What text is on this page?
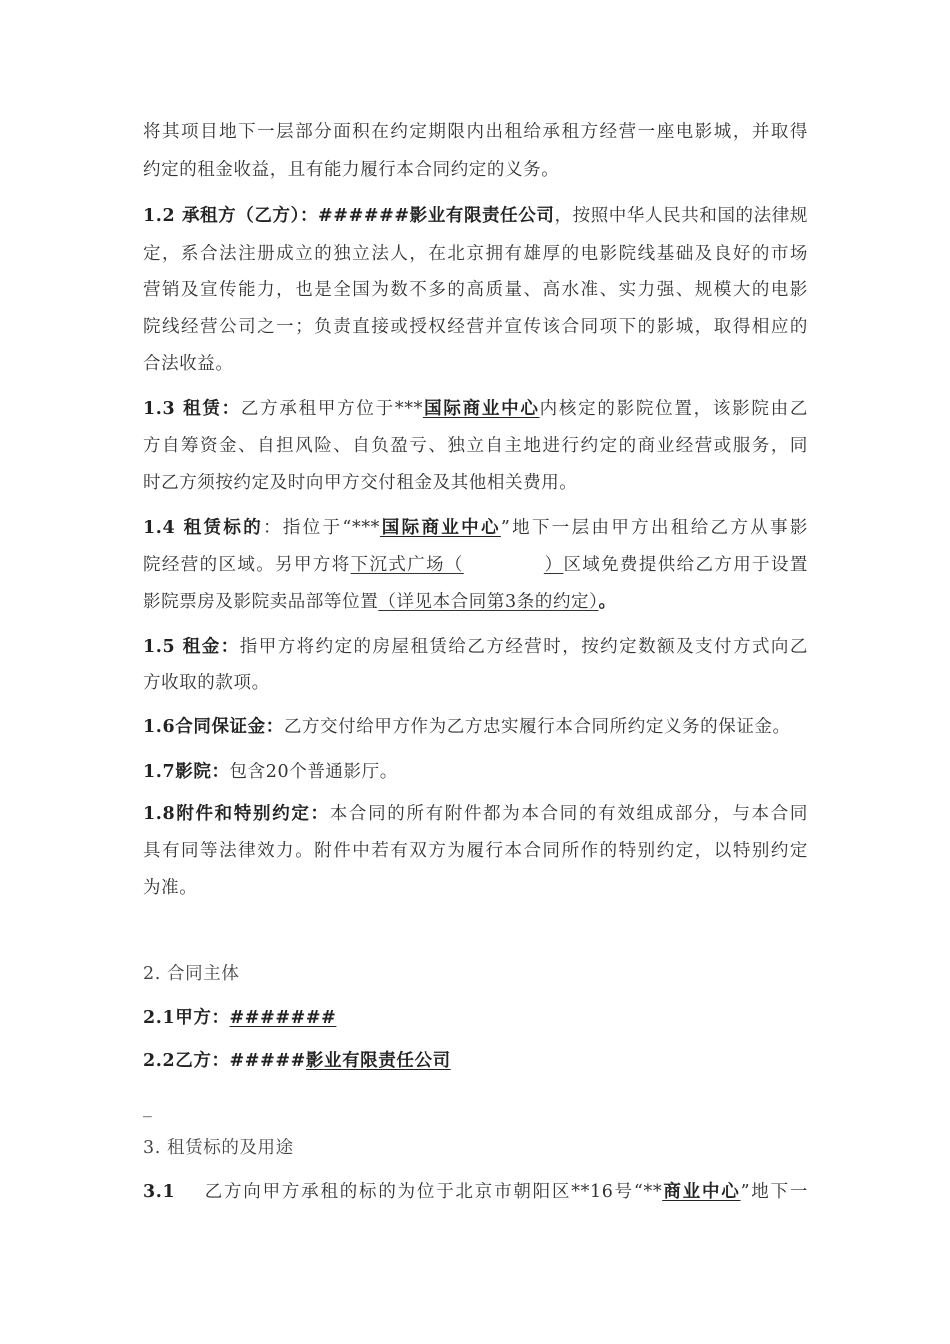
将其项目地下一层部分面积在约定期限内出租给承租方经营一座电影城，并取得
约定的租金收益，且有能力履行本合同约定的义务。
1.2 承租方（乙方）：######影业有限责任公司，按照中华人民共和国的法律规
定，系合法注册成立的独立法人，在北京拥有雄厚的电影院线基础及良好的市场
营销及宣传能力，也是全国为数不多的高质量、高水准、实力强、规模大的电影
院线经营公司之一；负责直接或授权经营并宣传该合同项下的影城，取得相应的
合法收益。
1.3 租赁：乙方承租甲方位于***国际商业中心内核定的影院位置，该影院由乙
方自筹资金、自担风险、自负盈亏、独立自主地进行约定的商业经营或服务，同
时乙方须按约定及时向甲方交付租金及其他相关费用。
1.4 租赁标的：指位于“***国际商业中心”地下一层由甲方出租给乙方从事影
院经营的区域。另甲方将下沉式广场（	）区域免费提供给乙方用于设置
影院票房及影院卖品部等位置（详见本合同第3条的约定）。
1.5 租金：指甲方将约定的房屋租赁给乙方经营时，按约定数额及支付方式向乙
方收取的款项。
1.6合同保证金：乙方交付给甲方作为乙方忠实履行本合同所约定义务的保证金。
1.7影院：包含20个普通影厅。
1.8附件和特别约定：本合同的所有附件都为本合同的有效组成部分，与本合同
具有同等法律效力。附件中若有双方为履行本合同所作的特别约定，以特别约定
为准。
2. 合同主体
2.1甲方：#######
2.2乙方：#####影业有限责任公司
_
3. 租赁标的及用途
3.1 乙方向甲方承租的标的为位于北京市朝阳区**16号“**商业中心”地下一
